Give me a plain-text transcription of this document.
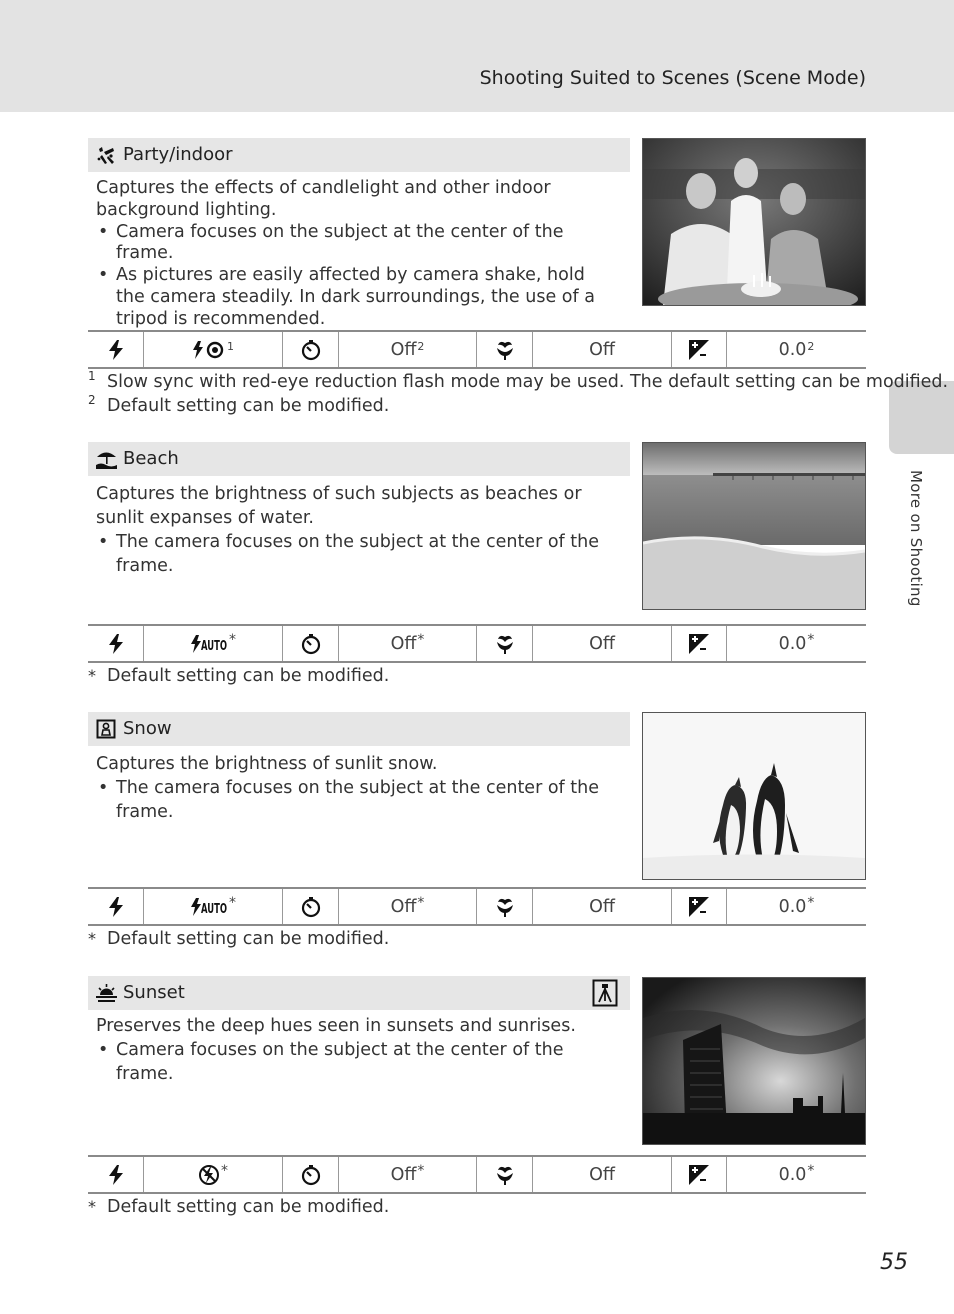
Shooting Suited to Scenes (Scene Mode)
More on Shooting
Party/indoor

Captures the effects of candlelight and other indoor background lighting.

• Camera focuses on the subject at the center of the frame.
• As pictures are easily affected by camera shake, hold the camera steadily. In dark surroundings, the use of a tripod is recommended.
$^1$	Off$^2$	Off	$0.0^2$
1 Slow sync with red-eye reduction flash mode may be used. The default setting can be modified.
2 Default setting can be modified.
Beach

Captures the brightness of such subjects as beaches or sunlit expanses of water.

• The camera focuses on the subject at the center of the frame.
AUTO *	Off *	Off	0.0 *
* Default setting can be modified.
Snow

Captures the brightness of sunlit snow.

• The camera focuses on the subject at the center of the frame.
AUTO *	Off *	Off	0.0 *
* Default setting can be modified.
Sunset

Preserves the deep hues seen in sunsets and sunrises.

• Camera focuses on the subject at the center of the frame.
*	Off *	Off	0.0 *
* Default setting can be modified.
55
